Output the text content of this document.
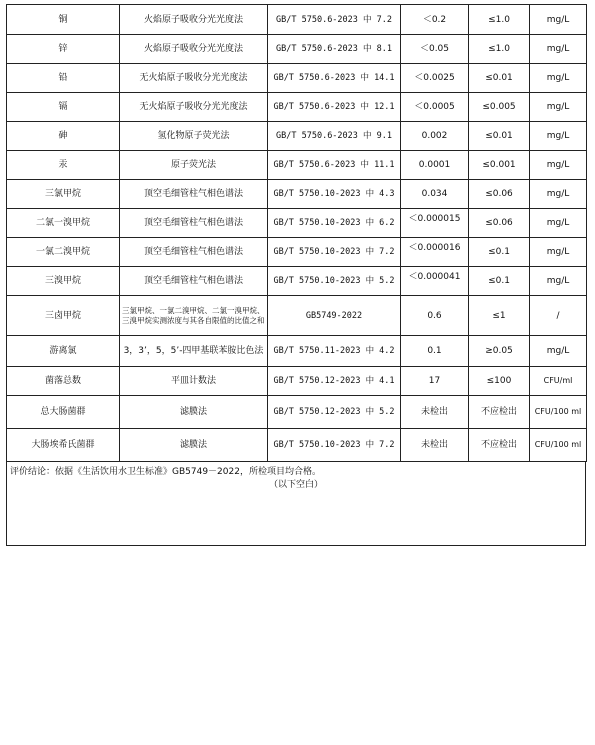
铜	火焰原子吸收分光光度法	GB/T 5750.6-2023 中 7.2	＜0.2	≤1.0	mg/L
锌	火焰原子吸收分光光度法	GB/T 5750.6-2023 中 8.1	＜0.05	≤1.0	mg/L
铅	无火焰原子吸收分光光度法	GB/T 5750.6-2023 中 14.1	＜0.0025	≤0.01	mg/L
镉	无火焰原子吸收分光光度法	GB/T 5750.6-2023 中 12.1	＜0.0005	≤0.005	mg/L
砷	氢化物原子荧光法	GB/T 5750.6-2023 中 9.1	0.002	≤0.01	mg/L
汞	原子荧光法	GB/T 5750.6-2023 中 11.1	0.0001	≤0.001	mg/L
三氯甲烷	顶空毛细管柱气相色谱法	GB/T 5750.10-2023 中 4.3	0.034	≤0.06	mg/L
二氯一溴甲烷	顶空毛细管柱气相色谱法	GB/T 5750.10-2023 中 6.2	＜0.000015	≤0.06	mg/L
一氯二溴甲烷	顶空毛细管柱气相色谱法	GB/T 5750.10-2023 中 7.2	＜0.000016	≤0.1	mg/L
三溴甲烷	顶空毛细管柱气相色谱法	GB/T 5750.10-2023 中 5.2	＜0.000041	≤0.1	mg/L
三卤甲烷	三氯甲烷、一氯二溴甲烷、二氯一溴甲烷、三溴甲烷实测浓度与其各自限值的比值之和	GB5749-2022	0.6	≤1	/
游离氯	3，3’，5，5’-四甲基联苯胺比色法	GB/T 5750.11-2023 中 4.2	0.1	≥0.05	mg/L
菌落总数	平皿计数法	GB/T 5750.12-2023 中 4.1	17	≤100	CFU/ml
总大肠菌群	滤膜法	GB/T 5750.12-2023 中 5.2	未检出	不应检出	CFU/100 ml
大肠埃希氏菌群	滤膜法	GB/T 5750.10-2023 中 7.2	未检出	不应检出	CFU/100 ml
评价结论：依据《生活饮用水卫生标准》GB5749－2022，所检项目均合格。
（以下空白）
